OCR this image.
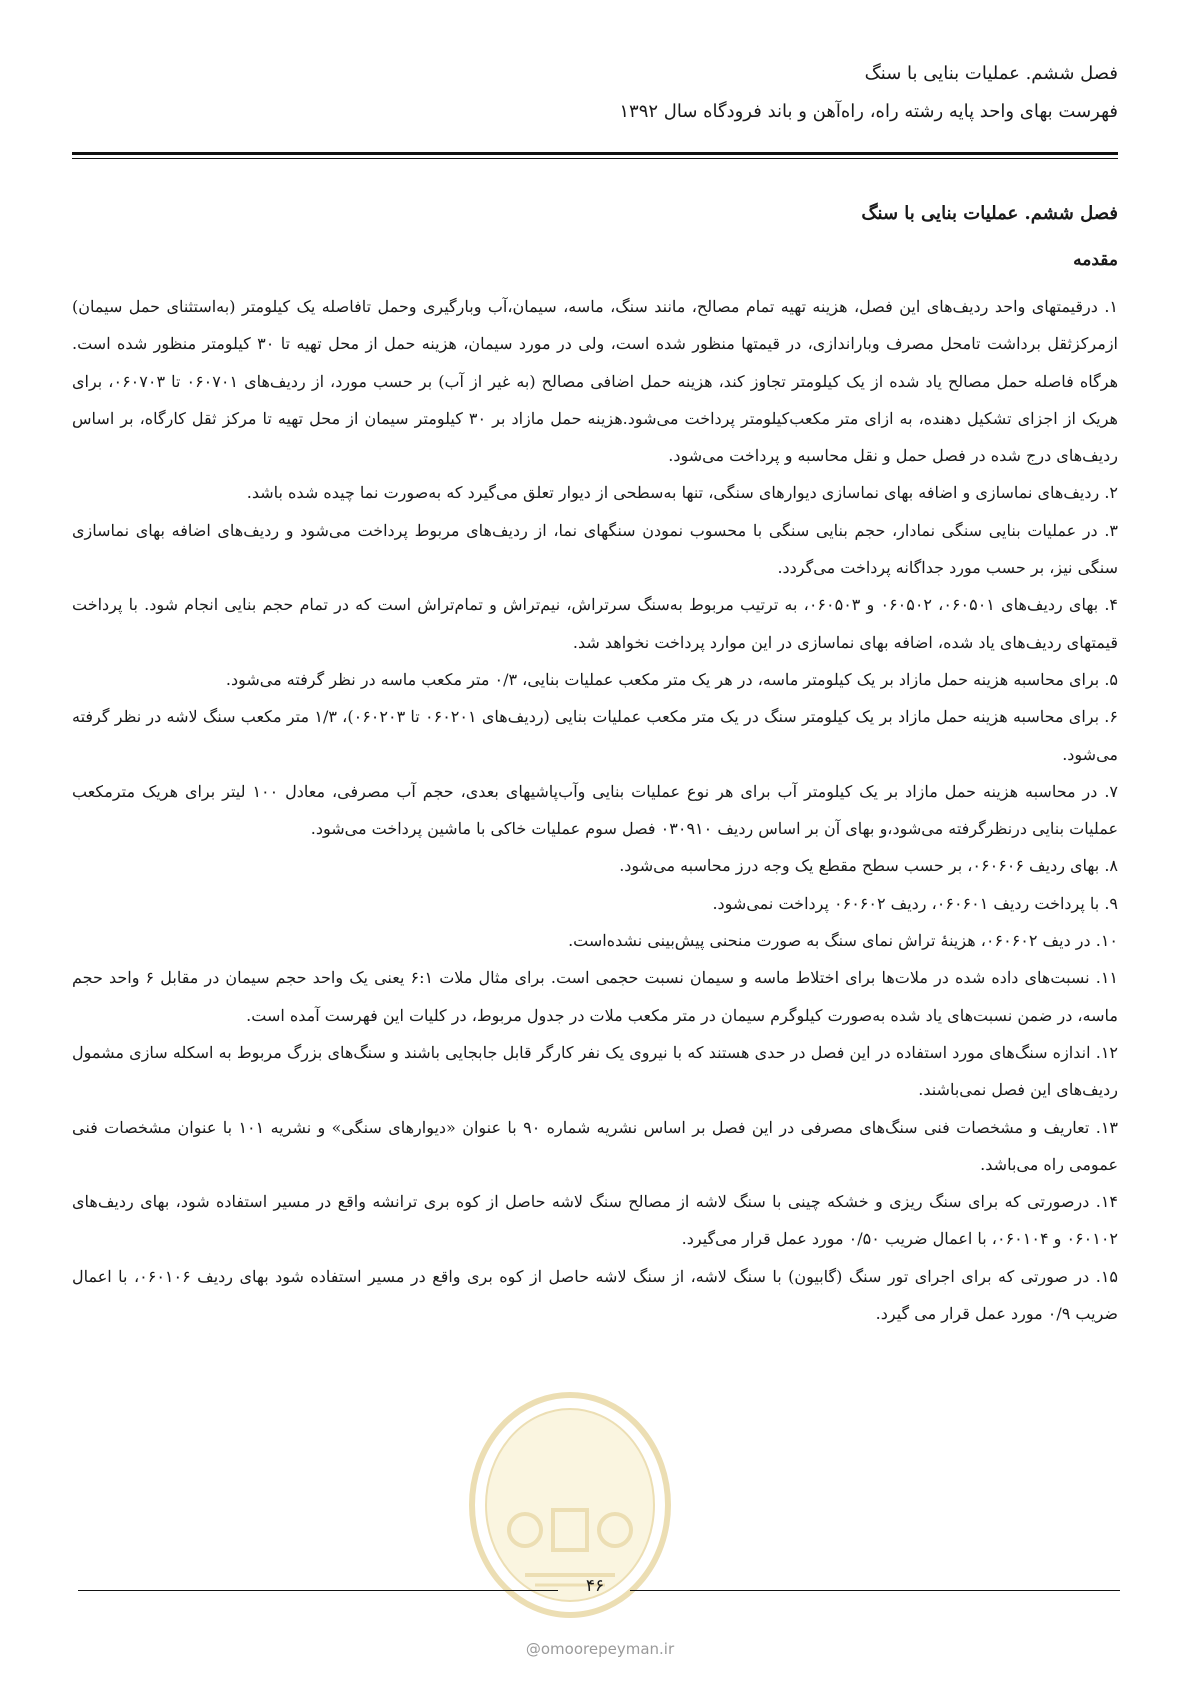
فصل ششم. عملیات بنایی با سنگ
فهرست بهای واحد پایه رشته راه، راه‌آهن و باند فرودگاه سال ۱۳۹۲
فصل ششم. عملیات بنایی با سنگ
مقدمه

۱. درقیمتهای واحد ردیف‌های این فصل، هزینه تهیه تمام مصالح، مانند سنگ، ماسه، سیمان،آب وبارگیری وحمل تافاصله یک کیلومتر (به‌استثنای حمل سیمان) ازمرکزثقل برداشت تامحل مصرف وباراندازی، در قیمتها منظور شده است، ولی در مورد سیمان، هزینه حمل از محل تهیه تا ۳۰ کیلومتر منظور شده است. هرگاه فاصله حمل مصالح یاد شده از یک کیلومتر تجاوز کند، هزینه حمل اضافی مصالح (به غیر از آب) بر حسب مورد، از ردیف‌های ۰۶۰۷۰۱ تا ۰۶۰۷۰۳، برای هریک از اجزای تشکیل دهنده، به ازای متر مکعب‌کیلومتر پرداخت می‌شود.هزینه حمل مازاد بر ۳۰ کیلومتر سیمان از محل تهیه تا مرکز ثقل کارگاه، بر اساس ردیف‌های درج شده در فصل حمل و نقل محاسبه و پرداخت می‌شود.

۲. ردیف‌های نماسازی و اضافه بهای نماسازی دیوارهای سنگی، تنها به‌سطحی از دیوار تعلق می‌گیرد که به‌صورت نما چیده شده باشد.

۳. در عملیات بنایی سنگی نمادار، حجم بنایی سنگی با محسوب نمودن سنگهای نما، از ردیف‌های مربوط پرداخت می‌شود و ردیف‌های اضافه بهای نماسازی سنگی نیز، بر حسب مورد جداگانه پرداخت می‌گردد.

۴. بهای ردیف‌های ۰۶۰۵۰۱، ۰۶۰۵۰۲ و ۰۶۰۵۰۳، به ترتیب مربوط به‌سنگ سرتراش، نیم‌تراش و تمام‌تراش است که در تمام حجم بنایی انجام شود. با پرداخت قیمتهای ردیف‌های یاد شده، اضافه بهای نماسازی در این موارد پرداخت نخواهد شد.

۵. برای محاسبه هزینه حمل مازاد بر یک کیلومتر ماسه، در هر یک متر مکعب عملیات بنایی، ۰/۳ متر مکعب ماسه در نظر گرفته می‌شود.

۶. برای محاسبه هزینه حمل مازاد بر یک کیلومتر سنگ در یک متر مکعب عملیات بنایی (ردیف‌های ۰۶۰۲۰۱ تا ۰۶۰۲۰۳)، ۱/۳ متر مکعب سنگ لاشه در نظر گرفته می‌شود.

۷. در محاسبه هزینه حمل مازاد بر یک کیلومتر آب برای هر نوع عملیات بنایی وآب‌پاشیهای بعدی، حجم آب مصرفی، معادل ۱۰۰ لیتر برای هریک مترمکعب عملیات بنایی درنظرگرفته می‌شود،و بهای آن بر اساس ردیف ۰۳۰۹۱۰ فصل سوم عملیات خاکی با ماشین پرداخت می‌شود.

۸. بهای ردیف ۰۶۰۶۰۶، بر حسب سطح مقطع یک وجه درز محاسبه می‌شود.

۹. با پرداخت ردیف ۰۶۰۶۰۱، ردیف ۰۶۰۶۰۲ پرداخت نمی‌شود.

۱۰. در دیف ۰۶۰۶۰۲، هزینهٔ تراش نمای سنگ به صورت منحنی پیش‌بینی نشده‌است.

۱۱. نسبت‌های داده شده در ملات‌ها برای اختلاط ماسه و سیمان نسبت حجمی است. برای مثال ملات ۶:۱ یعنی یک واحد حجم سیمان در مقابل ۶ واحد حجم ماسه، در ضمن نسبت‌های یاد شده به‌صورت کیلوگرم سیمان در متر مکعب ملات در جدول مربوط، در کلیات این فهرست آمده است.

۱۲. اندازه سنگ‌های مورد استفاده در این فصل در حدی هستند که با نیروی یک نفر کارگر قابل جابجایی باشند و سنگ‌های بزرگ مربوط به اسکله سازی مشمول ردیف‌های این فصل نمی‌باشند.

۱۳. تعاریف و مشخصات فنی سنگ‌های مصرفی در این فصل بر اساس نشریه شماره ۹۰ با عنوان «دیوارهای سنگی» و نشریه ۱۰۱ با عنوان مشخصات فنی عمومی راه می‌باشد.

۱۴. درصورتی که برای سنگ ریزی و خشکه چینی با سنگ لاشه از مصالح سنگ لاشه حاصل از کوه بری ترانشه واقع در مسیر استفاده شود، بهای ردیف‌های ۰۶۰۱۰۲ و ۰۶۰۱۰۴، با اعمال ضریب ۰/۵۰ مورد عمل قرار می‌گیرد.

۱۵. در صورتی که برای اجرای تور سنگ (گابیون) با سنگ لاشه، از سنگ لاشه حاصل از کوه بری واقع در مسیر استفاده شود بهای ردیف ۰۶۰۱۰۶، با اعمال ضریب ۰/۹ مورد عمل قرار می گیرد.

۴۶
@omoorepeyman.ir
